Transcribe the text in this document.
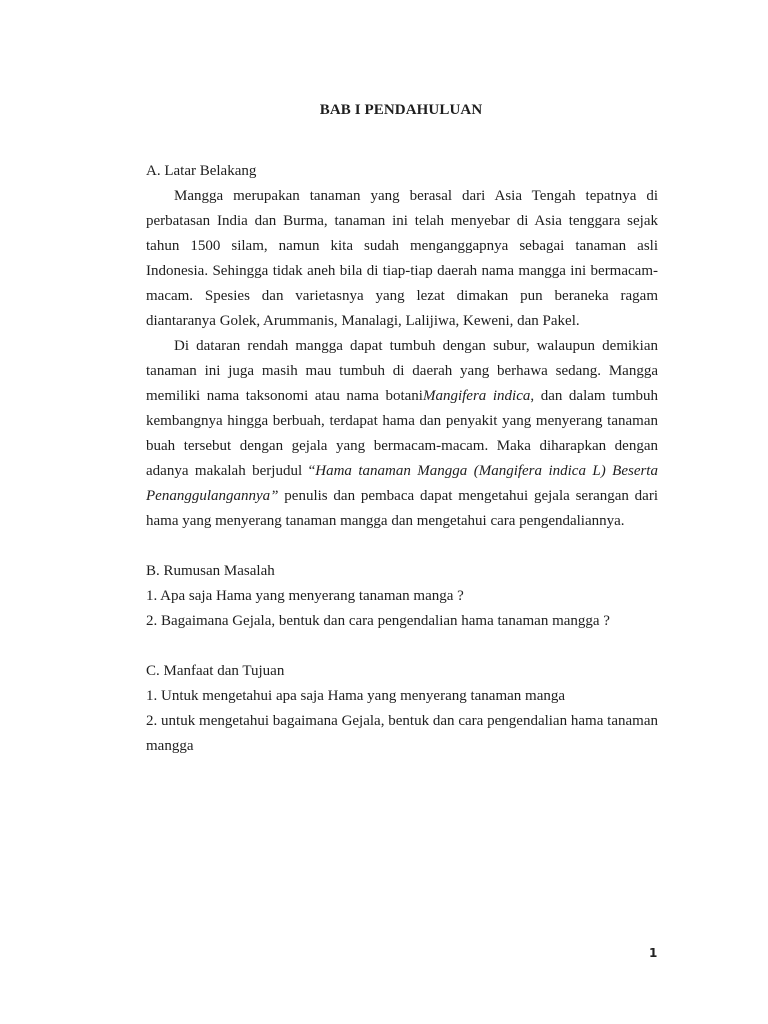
BAB I PENDAHULUAN
A. Latar Belakang

Mangga merupakan tanaman yang berasal dari Asia Tengah tepatnya di perbatasan India dan Burma, tanaman ini telah menyebar di Asia tenggara sejak tahun 1500 silam, namun kita sudah menganggapnya sebagai tanaman asli Indonesia. Sehingga tidak aneh bila di tiap-tiap daerah nama mangga ini bermacam-macam. Spesies dan varietasnya yang lezat dimakan pun beraneka ragam diantaranya Golek, Arummanis, Manalagi, Lalijiwa, Keweni, dan Pakel.

Di dataran rendah mangga dapat tumbuh dengan subur, walaupun demikian tanaman ini juga masih mau tumbuh di daerah yang berhawa sedang. Mangga memiliki nama taksonomi atau nama botaniMangifera indica, dan dalam tumbuh kembangnya hingga berbuah, terdapat hama dan penyakit yang menyerang tanaman buah tersebut dengan gejala yang bermacam-macam. Maka diharapkan dengan adanya makalah berjudul “Hama tanaman Mangga (Mangifera indica L) Beserta Penanggulangannya” penulis dan pembaca dapat mengetahui gejala serangan dari hama yang menyerang tanaman mangga dan mengetahui cara pengendaliannya.

B. Rumusan Masalah
1. Apa saja Hama yang menyerang tanaman manga ?
2. Bagaimana Gejala, bentuk dan cara pengendalian hama tanaman mangga ?
C. Manfaat dan Tujuan
1. Untuk mengetahui apa saja Hama yang menyerang tanaman manga

2. untuk mengetahui bagaimana Gejala, bentuk dan cara pengendalian hama tanaman mangga

1
